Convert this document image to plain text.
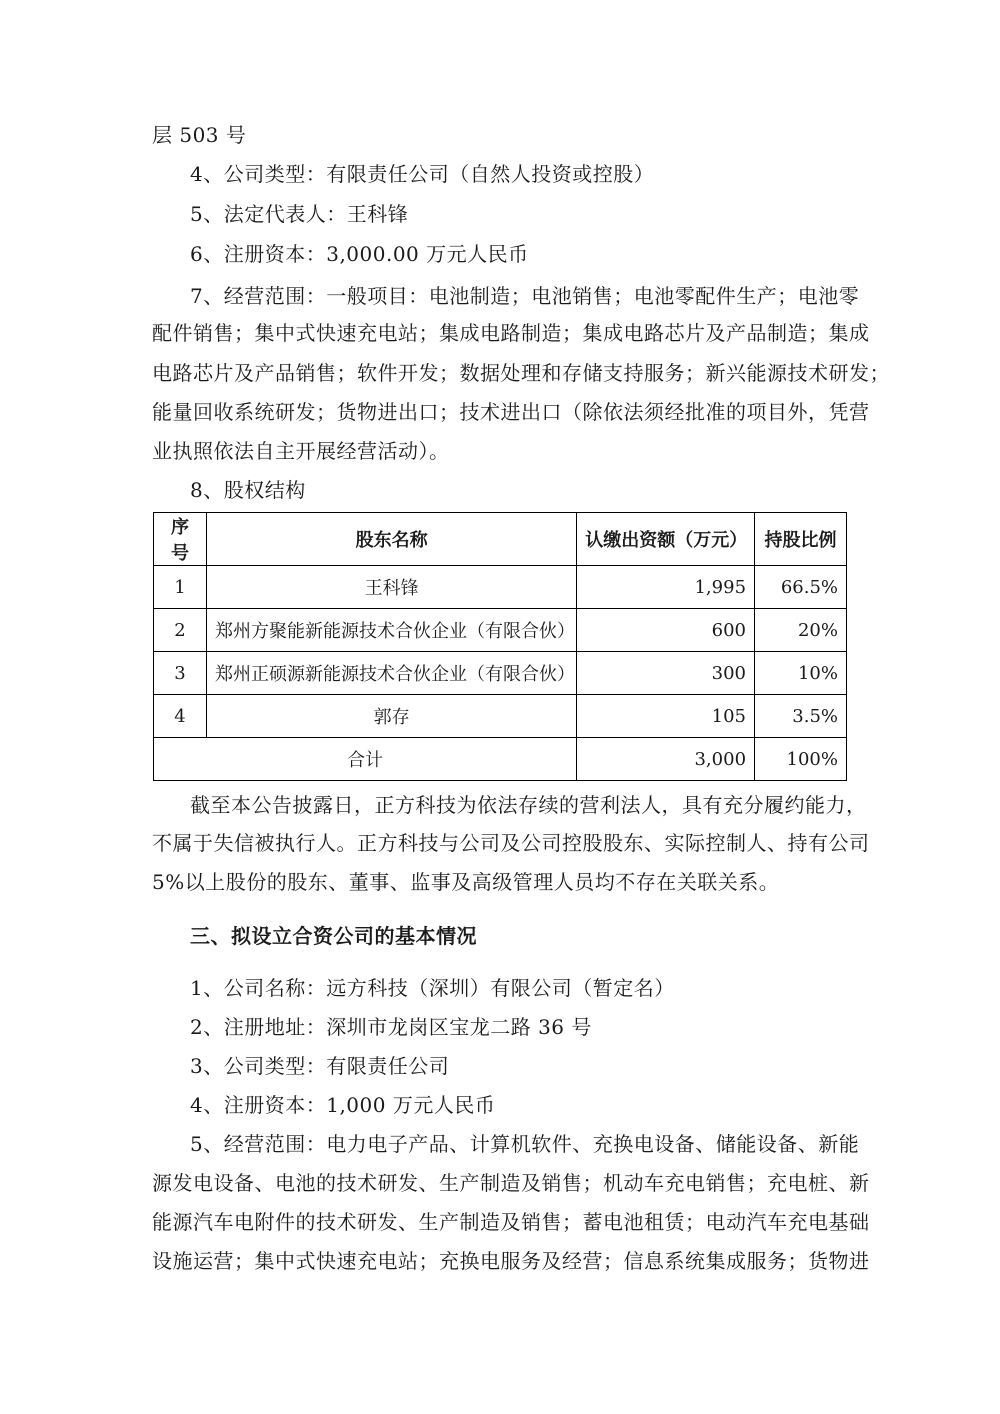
层 503 号
4、公司类型：有限责任公司（自然人投资或控股）
5、法定代表人：王科锋
6、注册资本：3,000.00 万元人民币
7、经营范围：一般项目：电池制造；电池销售；电池零配件生产；电池零
配件销售；集中式快速充电站；集成电路制造；集成电路芯片及产品制造；集成
电路芯片及产品销售；软件开发；数据处理和存储支持服务；新兴能源技术研发；
能量回收系统研发；货物进出口；技术进出口（除依法须经批准的项目外，凭营
业执照依法自主开展经营活动）。
8、股权结构
序号	股东名称	认缴出资额（万元）	持股比例
1	王科锋	1,995	66.5%
2	郑州方聚能新能源技术合伙企业（有限合伙）	600	20%
3	郑州正硕源新能源技术合伙企业（有限合伙）	300	10%
4	郭存	105	3.5%
合计		3,000	100%
截至本公告披露日，正方科技为依法存续的营利法人，具有充分履约能力，
不属于失信被执行人。正方科技与公司及公司控股股东、实际控制人、持有公司
5%以上股份的股东、董事、监事及高级管理人员均不存在关联关系。
三、拟设立合资公司的基本情况
1、公司名称：远方科技（深圳）有限公司（暂定名）
2、注册地址：深圳市龙岗区宝龙二路 36 号
3、公司类型：有限责任公司
4、注册资本：1,000 万元人民币
5、经营范围：电力电子产品、计算机软件、充换电设备、储能设备、新能
源发电设备、电池的技术研发、生产制造及销售；机动车充电销售；充电桩、新
能源汽车电附件的技术研发、生产制造及销售；蓄电池租赁；电动汽车充电基础
设施运营；集中式快速充电站；充换电服务及经营；信息系统集成服务；货物进
